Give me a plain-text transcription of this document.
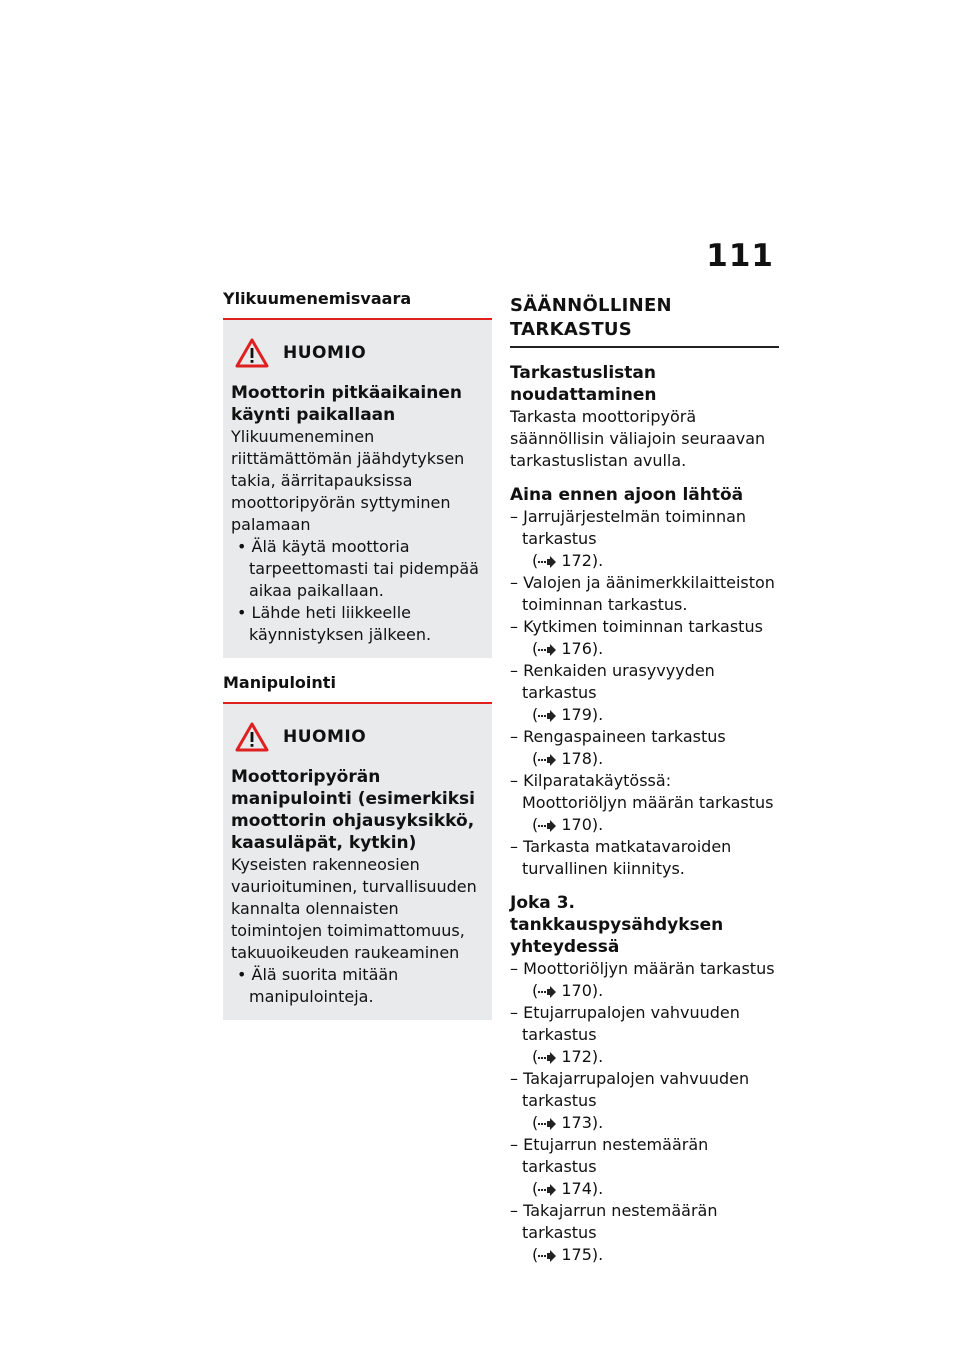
111
Ylikuumenemisvaara
HUOMIO
Moottorin pitkäaikainen käynti paikallaan
Ylikuumeneminen riittämättömän jäähdytyksen takia, äärritapauksissa moottoripyörän syttyminen palamaan
• Älä käytä moottoria tarpeettomasti tai pidempää aikaa paikallaan.
• Lähde heti liikkeelle käynnistyksen jälkeen.
Manipulointi
HUOMIO
Moottoripyörän manipulointi (esimerkiksi moottorin ohjausyksikkö, kaasuläpät, kytkin)
Kyseisten rakenneosien vaurioituminen, turvallisuuden kannalta olennaisten toimintojen toimimattomuus, takuuoikeuden raukeaminen
• Älä suorita mitään manipulointeja.
SÄÄNNÖLLINEN TARKASTUS
Tarkastuslistan noudattaminen
Tarkasta moottoripyörä säännöllisin väliajoin seuraavan tarkastuslistan avulla.
Aina ennen ajoon lähtöä
– Jarrujärjestelmän toiminnan tarkastus
( 172).
– Valojen ja äänimerkkilaitteiston toiminnan tarkastus.
– Kytkimen toiminnan tarkastus
( 176).
– Renkaiden urasyvyyden tarkastus
( 179).
– Rengaspaineen tarkastus
( 178).
– Kilparatakäytössä: Moottoriöljyn määrän tarkastus
( 170).
– Tarkasta matkatavaroiden turvallinen kiinnitys.
Joka 3. tankkauspysähdyksen yhteydessä
– Moottoriöljyn määrän tarkastus
( 170).
– Etujarrupalojen vahvuuden tarkastus
( 172).
– Takajarrupalojen vahvuuden tarkastus
( 173).
– Etujarrun nestemäärän tarkastus
( 174).
– Takajarrun nestemäärän tarkastus
( 175).
